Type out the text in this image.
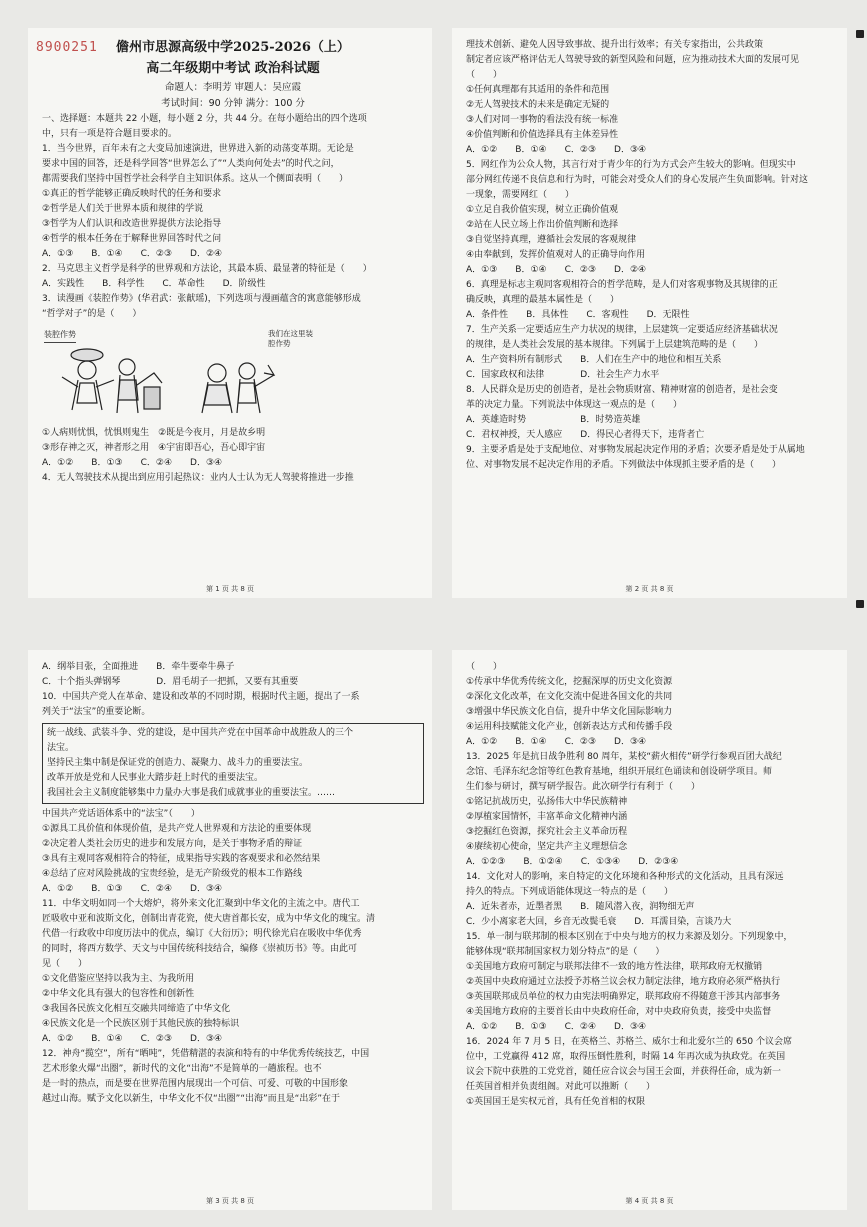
8900251	儋州市思源高级中学2025-2026（上）
高二年级期中考试 政治科试题
命题人：李明芳 审题人：吴应霞
考试时间：90 分钟 满分：100 分
一、选择题：本题共 22 小题，每小题 2 分，共 44 分。在每小题给出的四个选项
中，只有一项是符合题目要求的。
1．当今世界，百年未有之大变局加速演进，世界进入新的动荡变革期。无论是
要求中国的回答，还是科学回答“世界怎么了”“人类向何处去”的时代之问，
都需要我们坚持中国哲学社会科学自主知识体系。这从一个侧面表明（　　）
①真正的哲学能够正确反映时代的任务和要求
②哲学是人们关于世界本质和规律的学说
③哲学为人们认识和改造世界提供方法论指导
④哲学的根本任务在于解释世界回答时代之问
A．①③　　B．①④　　C．②③　　D．②④
2．马克思主义哲学是科学的世界观和方法论，其最本质、最显著的特征是（　　）
A．实践性　　B．科学性　　C．革命性　　D．阶级性
3．读漫画《装腔作势》(华君武：张献瑶)，下列选项与漫画蕴含的寓意能够形成
“哲学对子”的是（　　）
装腔作势	我们在这里装腔作势
①人病则忧惧，忧惧则鬼生　②既是今夜月，月是故乡明
③形存神之灭，神者形之用　④宇宙即吾心，吾心即宇宙
A．①②　　B．①③　　C．②④　　D．③④
4．无人驾驶技术从提出到应用引起热议：业内人士认为无人驾驶将推进一步推
第 1 页 共 8 页
理技术创新、避免人因导致事故、提升出行效率；有关专家指出，公共政策
制定者应该严格评估无人驾驶导致的新型风险和问题，应为推动技术大面的发展可见
（　　）
①任何真理都有其适用的条件和范围
②无人驾驶技术的未来是确定无疑的
③人们对同一事物的看法没有统一标准
④价值判断和价值选择具有主体差异性
A．①②　　B．①④　　C．②③　　D．③④
5．网红作为公众人物，其言行对于青少年的行为方式会产生较大的影响。但现实中
部分网红传递不良信息和行为时，可能会对受众人们的身心发展产生负面影响。针对这
一现象，需要网红（　　）
①立足自我价值实现，树立正确价值观
②站在人民立场上作出价值判断和选择
③自觉坚持真理，遵循社会发展的客观规律
④由奉献到，发挥价值观对人的正确导向作用
A．①③　　B．①④　　C．②③　　D．②④
6．真理是标志主观同客观相符合的哲学范畴，是人们对客观事物及其规律的正
确反映，真理的最基本属性是（　　）
A．条件性　　B．具体性　　C．客观性　　D．无限性
7．生产关系一定要适应生产力状况的规律，上层建筑一定要适应经济基础状况
的规律，是人类社会发展的基本规律。下列属于上层建筑范畴的是（　　）
A．生产资料所有制形式　　B．人们在生产中的地位和相互关系
C．国家政权和法律　　　　D．社会生产力水平
8．人民群众是历史的创造者，是社会物质财富、精神财富的创造者，是社会变
革的决定力量。下列说法中体现这一观点的是（　　）
A．英雄造时势　　　　　　B．时势造英雄
C．君权神授，天人感应　　D．得民心者得天下，违背者亡
9．主要矛盾是处于支配地位、对事物发展起决定作用的矛盾；次要矛盾是处于从属地
位、对事物发展不起决定作用的矛盾。下列做法中体现抓主要矛盾的是（　　）
第 2 页 共 8 页
A．纲举目张，全面推进　　B．牵牛要牵牛鼻子
C．十个指头弹钢琴　　　　D．眉毛胡子一把抓，又要有其重要
10．中国共产党人在革命、建设和改革的不同时期，根据时代主题，提出了一系
列关于“法宝”的重要论断。
统一战线、武装斗争、党的建设，是中国共产党在中国革命中战胜敌人的三个
法宝。
坚持民主集中制是保证党的创造力、凝聚力、战斗力的重要法宝。
改革开放是党和人民事业大踏步赶上时代的重要法宝。
我国社会主义制度能够集中力量办大事是我们成就事业的重要法宝。……
中国共产党话语体系中的“法宝”（　　）
①源具工具价值和体现价值，是共产党人世界观和方法论的重要体现
②决定着人类社会历史的进步和发展方向，是关于事物矛盾的辩证
③具有主观同客观相符合的特征，成果指导实践的客观要求和必然结果
④总结了应对风险挑战的宝贵经验，是无产阶级党的根本工作路线
A．①②　　B．①③　　C．②④　　D．③④
11．中华文明如同一个大熔炉，将外来文化汇聚到中华文化的主流之中。唐代工
匠吸收中亚和波斯文化，创制出青花瓷，使大唐首都长安，成为中华文化的瑰宝。清
代借一行政收中印度历法中的优点，编订《大衍历》；明代徐光启在吸收中华优秀
的同时，将西方数学、天文与中国传统科技结合，编修《崇祯历书》等。由此可
见（　　）
①文化借鉴应坚持以我为主、为我所用
②中华文化具有强大的包容性和创新性
③我国各民族文化相互交融共同缔造了中华文化
④民族文化是一个民族区别于其他民族的独特标识
A．①②　　B．①④　　C．②③　　D．③④
12．神舟“揽空”，所有“晒吨”，凭借精湛的表演和特有的中华优秀传统技艺，中国
艺术形象火爆“出圈”，新时代的文化“出海”不是简单的一趟旅程。也不
是一时的热点，而是要在世界范围内展现出一个可信、可爱、可敬的中国形象
越过山海。赋予文化以新生，中华文化不仅“出圈”“出海”而且是“出彩”在于
第 3 页 共 8 页
（　　）
①传承中华优秀传统文化，挖掘深厚的历史文化资源
②深化文化改革，在文化交流中促进各国文化的共同
③增强中华民族文化自信，提升中华文化国际影响力
④运用科技赋能文化产业，创新表达方式和传播手段
A．①②　　B．①④　　C．②③　　D．③④
13．2025 年是抗日战争胜利 80 周年，某校“薪火相传”研学行参观百团大战纪
念馆、毛泽东纪念馆等红色教育基地，组织开展红色诵读和创设研学项目。师
生们参与研讨，撰写研学报告。此次研学行有利于（　　）
①铭记抗战历史，弘扬伟大中华民族精神
②厚植家国情怀，丰富革命文化精神内涵
③挖掘红色资源，探究社会主义革命历程
④赓续初心使命，坚定共产主义理想信念
A．①②③　　B．①②④　　C．①③④　　D．②③④
14．文化对人的影响，来自特定的文化环境和各种形式的文化活动，且具有深远
持久的特点。下列成语能体现这一特点的是（　　）
A．近朱者赤，近墨者黑　　B．随风潜入夜，润物细无声
C．少小离家老大回，乡音无改鬓毛衰　　D．耳濡目染，言谈乃大
15．单一制与联邦制的根本区别在于中央与地方的权力来源及划分。下列现象中，
能够体现“联邦制国家权力划分特点”的是（　　）
①美国地方政府可制定与联邦法律不一致的地方性法律，联邦政府无权撤销
②英国中央政府通过立法授予苏格兰议会权力制定法律，地方政府必须严格执行
③英国联邦成员单位的权力由宪法明确界定，联邦政府不得随意干涉其内部事务
④美国地方政府的主要首长由中央政府任命，对中央政府负责，接受中央监督
A．①②　　B．①③　　C．②④　　D．③④
16．2024 年 7 月 5 日，在英格兰、苏格兰、威尔士和北爱尔兰的 650 个议会席
位中，工党赢得 412 席，取得压倒性胜利，时隔 14 年再次成为执政党。在英国
议会下院中获胜的工党党首，随任应合议会与国王会面，并获得任命，成为新一
任英国首相并负责组阁。对此可以推断（　　）
①英国国王是实权元首，具有任免首相的权限
第 4 页 共 8 页
